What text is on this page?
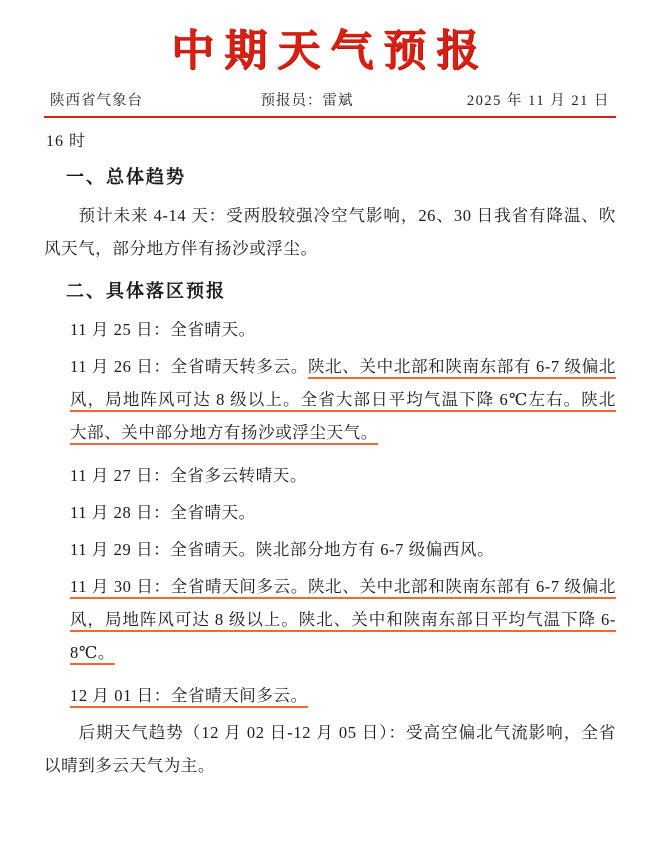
中期天气预报
陕西省气象台	预报员：雷斌	2025 年 11 月 21 日
16 时
一、总体趋势

预计未来 4-14 天：受两股较强冷空气影响，26、30 日我省有降温、吹风天气，部分地方伴有扬沙或浮尘。

二、具体落区预报

11 月 25 日：全省晴天。

11 月 26 日：全省晴天转多云。陕北、关中北部和陕南东部有 6-7 级偏北风，局地阵风可达 8 级以上。全省大部日平均气温下降 6℃左右。陕北大部、关中部分地方有扬沙或浮尘天气。

11 月 27 日：全省多云转晴天。

11 月 28 日：全省晴天。

11 月 29 日：全省晴天。陕北部分地方有 6-7 级偏西风。

11 月 30 日：全省晴天间多云。陕北、关中北部和陕南东部有 6-7 级偏北风，局地阵风可达 8 级以上。陕北、关中和陕南东部日平均气温下降 6-8℃。

12 月 01 日：全省晴天间多云。

后期天气趋势（12 月 02 日-12 月 05 日）：受高空偏北气流影响，全省以晴到多云天气为主。
